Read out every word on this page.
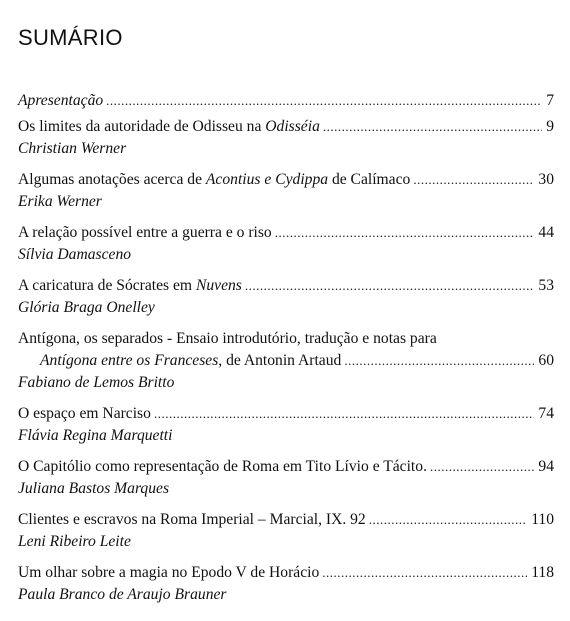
SUMÁRIO
Apresentação .....	7
Os limites da autoridade de Odisseu na Odisséia .....	9
Christian Werner
Algumas anotações acerca de Acontius e Cydippa de Calímaco .....	30
Erika Werner
A relação possível entre a guerra e o riso .....	44
Sílvia Damasceno
A caricatura de Sócrates em Nuvens .....	53
Glória Braga Onelley
Antígona, os separados - Ensaio introdutório, tradução e notas para
Antígona entre os Franceses, de Antonin Artaud .....	60
Fabiano de Lemos Britto
O espaço em Narciso .....	74
Flávia Regina Marquetti
O Capitólio como representação de Roma em Tito Lívio e Tácito. .....	94
Juliana Bastos Marques
Clientes e escravos na Roma Imperial – Marcial, IX. 92 .....	110
Leni Ribeiro Leite
Um olhar sobre a magia no Epodo V de Horácio .....	118
Paula Branco de Araujo Brauner
